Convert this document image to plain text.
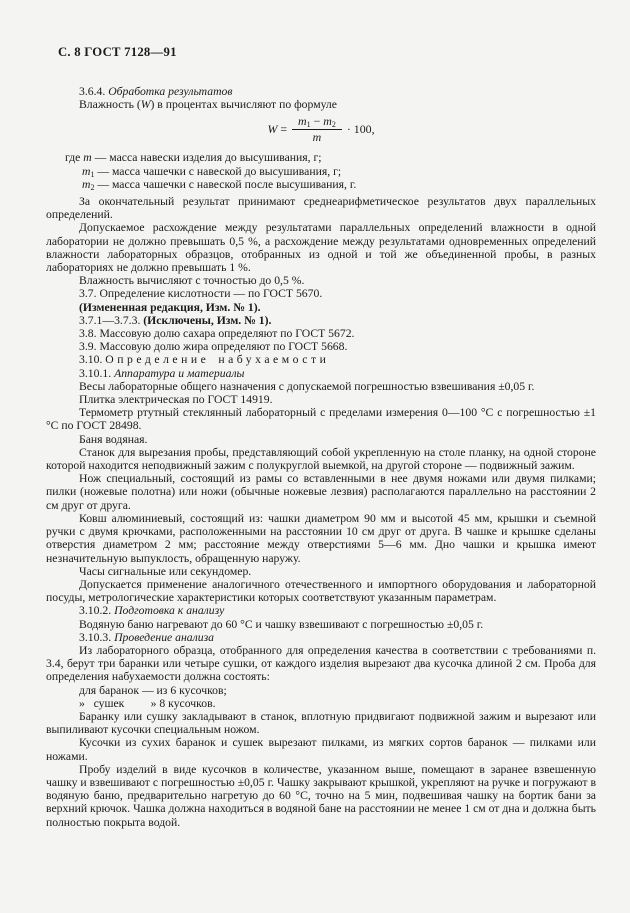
С. 8 ГОСТ 7128—91

3.6.4. Обработка результатов

Влажность (W) в процентах вычисляют по формуле

$W = \frac{m_1 - m_2}{m} \cdot 100$,

где m — масса навески изделия до высушивания, г;

$m_1$ — масса чашечки с навеской до высушивания, г;

$m_2$ — масса чашечки с навеской после высушивания, г.

За окончательный результат принимают среднеарифметическое результатов двух параллельных определений.

Допускаемое расхождение между результатами параллельных определений влажности в одной лаборатории не должно превышать 0,5 %, а расхождение между результатами одновременных определений влажности лабораторных образцов, отобранных из одной и той же объединенной пробы, в разных лабораториях не должно превышать 1 %.

Влажность вычисляют с точностью до 0,5 %.

3.7. Определение кислотности — по ГОСТ 5670.

(Измененная редакция, Изм. № 1).

3.7.1—3.7.3. (Исключены, Изм. № 1).

3.8. Массовую долю сахара определяют по ГОСТ 5672.

3.9. Массовую долю жира определяют по ГОСТ 5668.

3.10. Определение набухаемости

3.10.1. Аппаратура и материалы

Весы лабораторные общего назначения с допускаемой погрешностью взвешивания ±0,05 г.

Плитка электрическая по ГОСТ 14919.

Термометр ртутный стеклянный лабораторный с пределами измерения 0—100 °С с погрешностью ±1 °С по ГОСТ 28498.

Баня водяная.

Станок для вырезания пробы, представляющий собой укрепленную на столе планку, на одной стороне которой находится неподвижный зажим с полукруглой выемкой, на другой стороне — подвижный зажим.

Нож специальный, состоящий из рамы со вставленными в нее двумя ножами или двумя пилками; пилки (ножевые полотна) или ножи (обычные ножевые лезвия) располагаются параллельно на расстоянии 2 см друг от друга.

Ковш алюминиевый, состоящий из: чашки диаметром 90 мм и высотой 45 мм, крышки и съемной ручки с двумя крючками, расположенными на расстоянии 10 см друг от друга. В чашке и крышке сделаны отверстия диаметром 2 мм; расстояние между отверстиями 5—6 мм. Дно чашки и крышка имеют незначительную выпуклость, обращенную наружу.

Часы сигнальные или секундомер.

Допускается применение аналогичного отечественного и импортного оборудования и лабораторной посуды, метрологические характеристики которых соответствуют указанным параметрам.

3.10.2. Подготовка к анализу

Водяную баню нагревают до 60 °С и чашку взвешивают с погрешностью ±0,05 г.

3.10.3. Проведение анализа

Из лабораторного образца, отобранного для определения качества в соответствии с требованиями п. 3.4, берут три баранки или четыре сушки, от каждого изделия вырезают два кусочка длиной 2 см. Проба для определения набухаемости должна состоять:

для баранок — из 6 кусочков;

»   сушек         » 8 кусочков.

Баранку или сушку закладывают в станок, вплотную придвигают подвижной зажим и вырезают или выпиливают кусочки специальным ножом.

Кусочки из сухих баранок и сушек вырезают пилками, из мягких сортов баранок — пилками или ножами.

Пробу изделий в виде кусочков в количестве, указанном выше, помещают в заранее взвешенную чашку и взвешивают с погрешностью ±0,05 г. Чашку закрывают крышкой, укрепляют на ручке и погружают в водяную баню, предварительно нагретую до 60 °С, точно на 5 мин, подвешивая чашку на бортик бани за верхний крючок. Чашка должна находиться в водяной бане на расстоянии не менее 1 см от дна и должна быть полностью покрыта водой.
